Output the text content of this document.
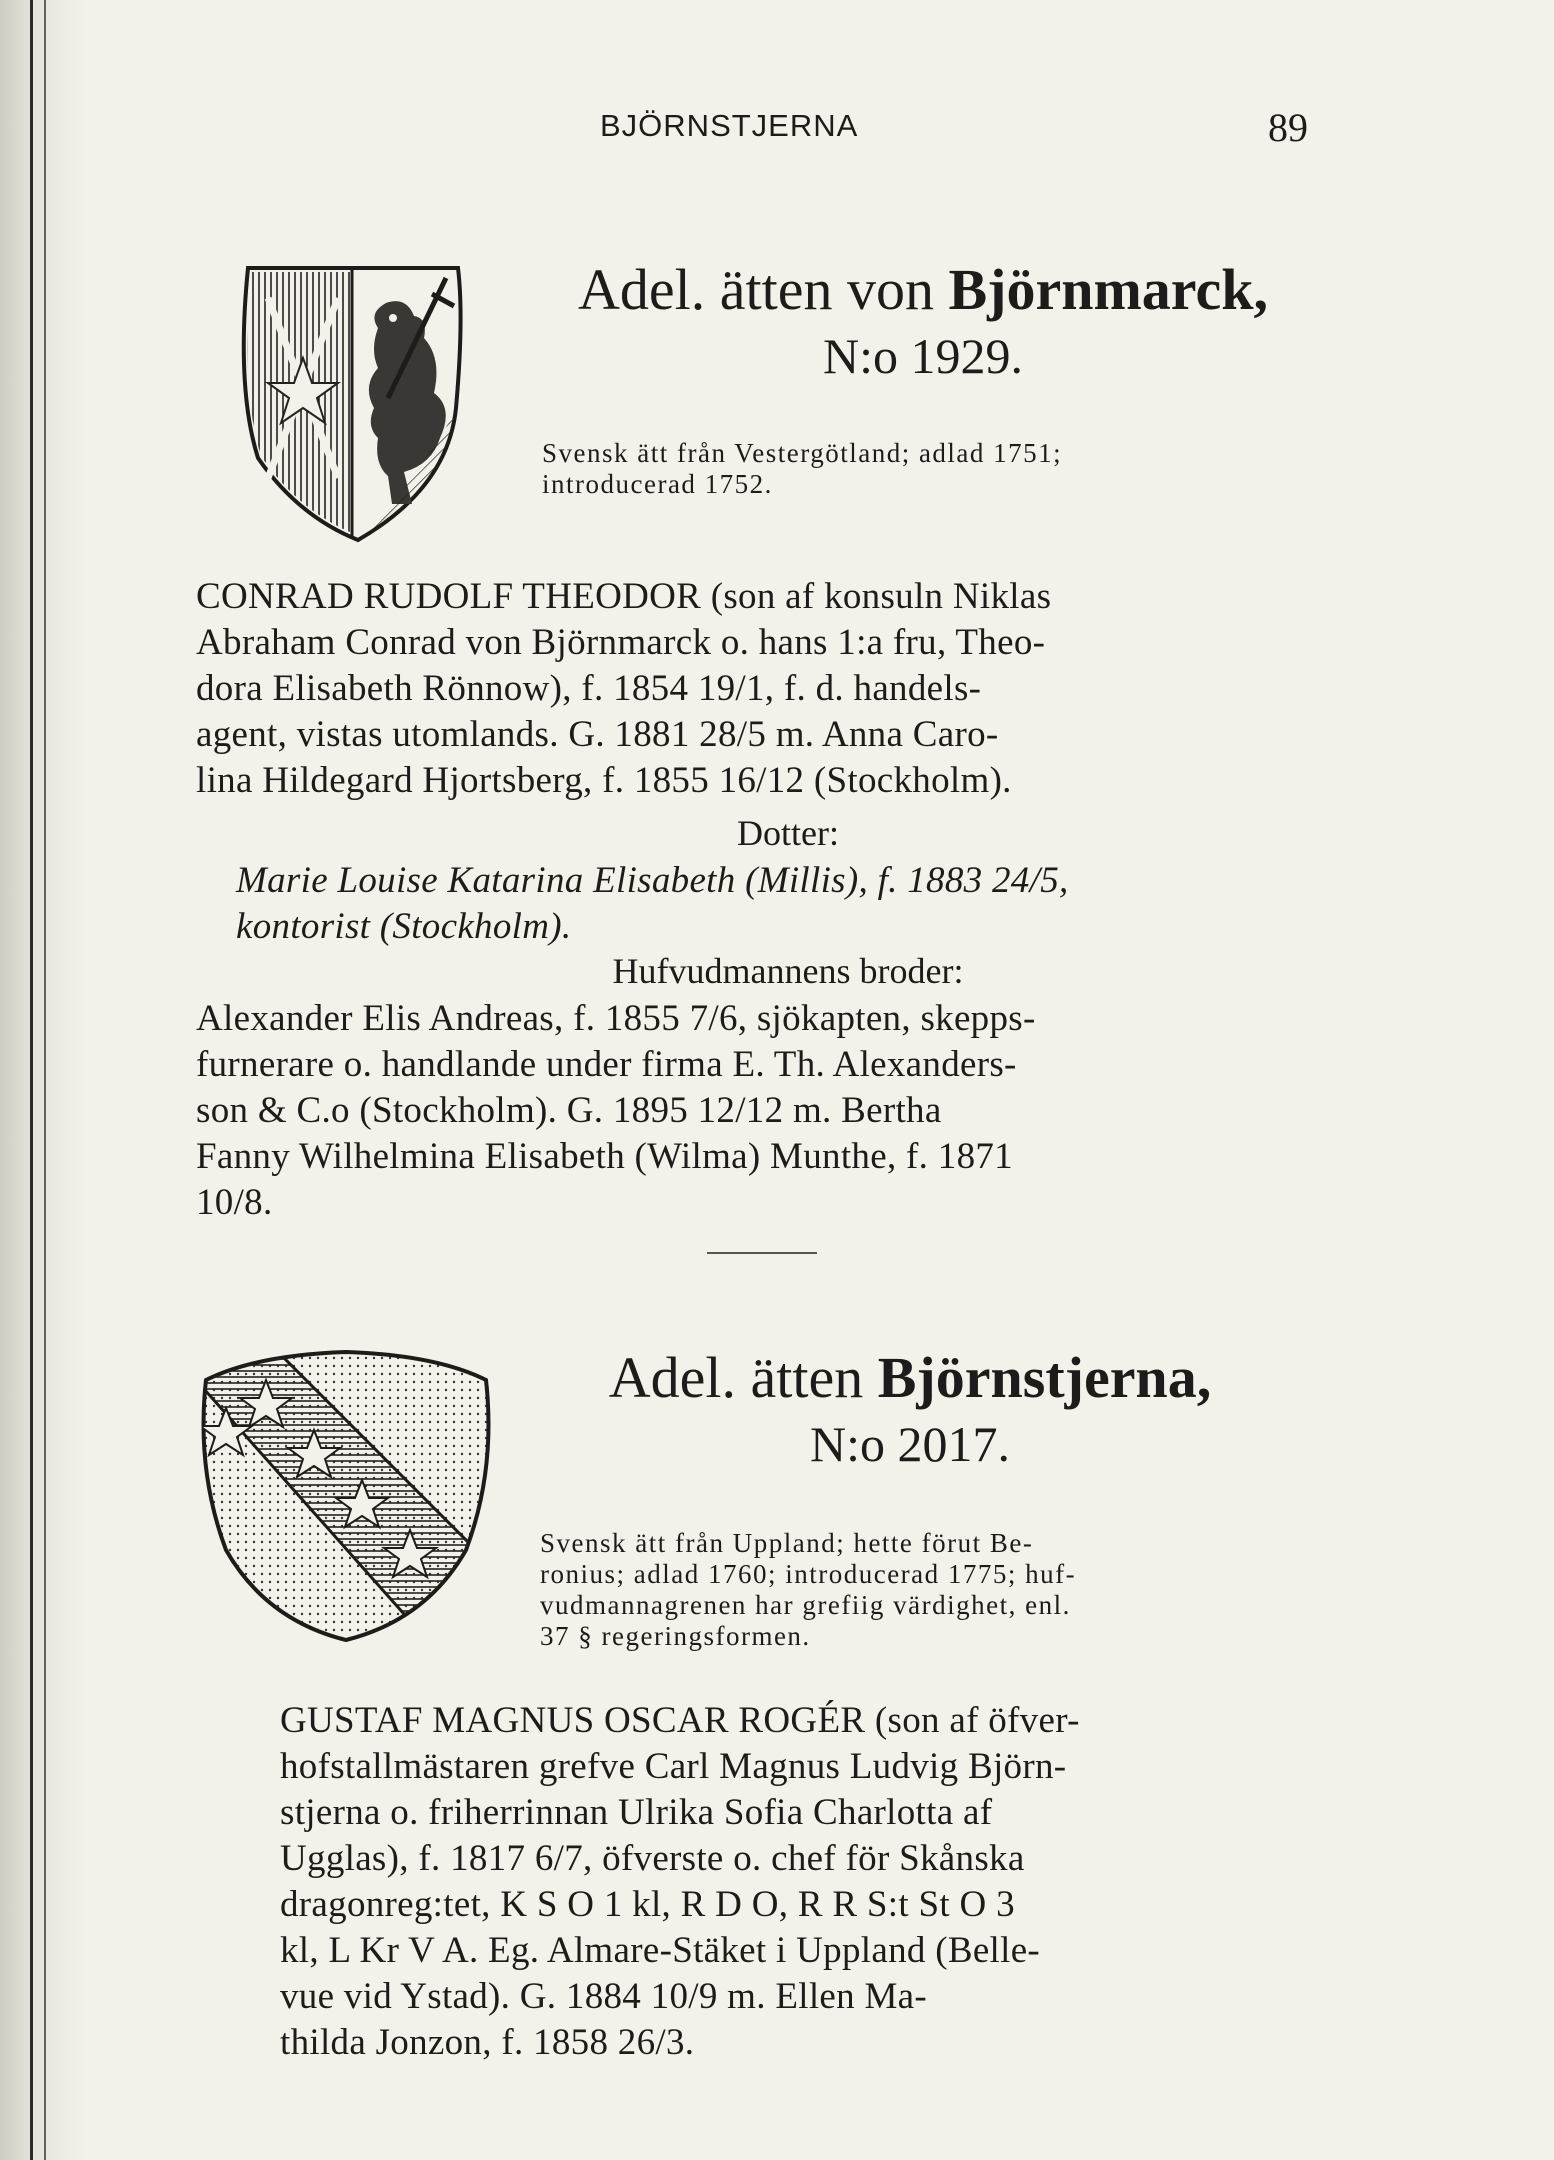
BJÖRNSTJERNA	89
Adel. ätten von Björnmarck,
N:o 1929.
Svensk ätt från Vestergötland; adlad 1751;
introducerad 1752.
CONRAD RUDOLF THEODOR (son af konsuln Niklas
Abraham Conrad von Björnmarck o. hans 1:a fru, Theo-
dora Elisabeth Rönnow), f. 1854 19/1, f. d. handels-
agent, vistas utomlands. G. 1881 28/5 m. Anna Caro-
lina Hildegard Hjortsberg, f. 1855 16/12 (Stockholm).
Dotter:
Marie Louise Katarina Elisabeth (Millis), f. 1883 24/5,
kontorist (Stockholm).
Hufvudmannens broder:
Alexander Elis Andreas, f. 1855 7/6, sjökapten, skepps-
furnerare o. handlande under firma E. Th. Alexanders-
son & C.o (Stockholm). G. 1895 12/12 m. Bertha
Fanny Wilhelmina Elisabeth (Wilma) Munthe, f. 1871
10/8.
Adel. ätten Björnstjerna,
N:o 2017.
Svensk ätt från Uppland; hette förut Be-
ronius; adlad 1760; introducerad 1775; huf-
vudmannagrenen har grefiig värdighet, enl.
37 § regeringsformen.
GUSTAF MAGNUS OSCAR ROGÉR (son af öfver-
hofstallmästaren grefve Carl Magnus Ludvig Björn-
stjerna o. friherrinnan Ulrika Sofia Charlotta af
Ugglas), f. 1817 6/7, öfverste o. chef för Skånska
dragonreg:tet, K S O 1 kl, R D O, R R S:t St O 3
kl, L Kr V A. Eg. Almare-Stäket i Uppland (Belle-
vue vid Ystad). G. 1884 10/9 m. Ellen Ma-
thilda Jonzon, f. 1858 26/3.
